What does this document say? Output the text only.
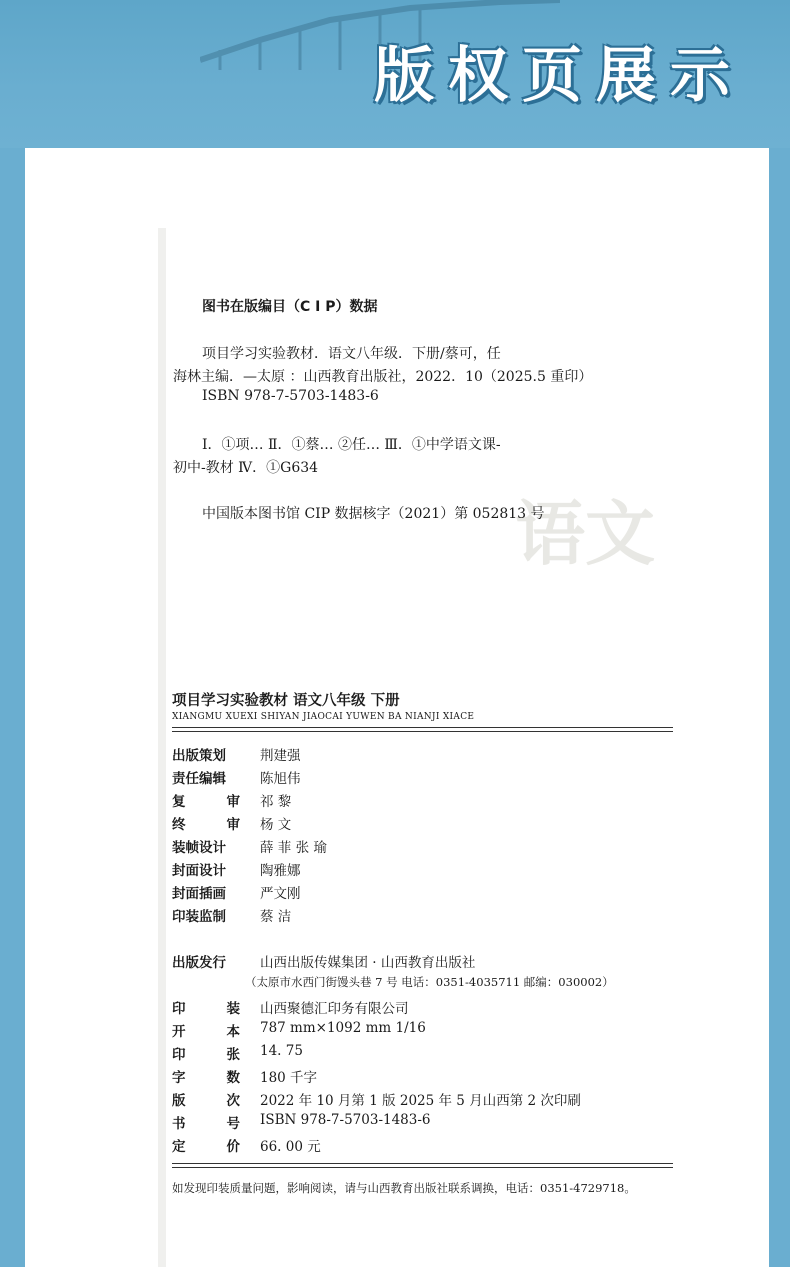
版权页展示
语文
图书在版编目（C I P）数据
项目学习实验教材．语文八年级．下册/蔡可，任
海林主编．—太原 ：山西教育出版社，2022．10（2025.5 重印）
ISBN 978-7-5703-1483-6
Ⅰ．①项… Ⅱ．①蔡… ②任… Ⅲ．①中学语文课-
初中-教材 Ⅳ．①G634
中国版本图书馆 CIP 数据核字（2021）第 052813 号
项目学习实验教材 语文八年级 下册
XIANGMU XUEXI SHIYAN JIAOCAI YUWEN BA NIANJI XIACE
出版策划	荆建强
责任编辑	陈旭伟
复	审 祁 黎
终	审 杨 文
装帧设计	薛 菲 张 瑜
封面设计	陶雅娜
封面插画	严文刚
印装监制	蔡 洁
出版发行	山西出版传媒集团 · 山西教育出版社
（太原市水西门街馒头巷 7 号 电话：0351-4035711 邮编：030002）
印	装 山西聚德汇印务有限公司
开	本 787 mm×1092 mm 1/16
印	张 14. 75
字	数 180 千字
版	次 2022 年 10 月第 1 版 2025 年 5 月山西第 2 次印刷
书	号 ISBN 978-7-5703-1483-6
定	价 66. 00 元
如发现印装质量问题，影响阅读，请与山西教育出版社联系调换，电话：0351-4729718。
